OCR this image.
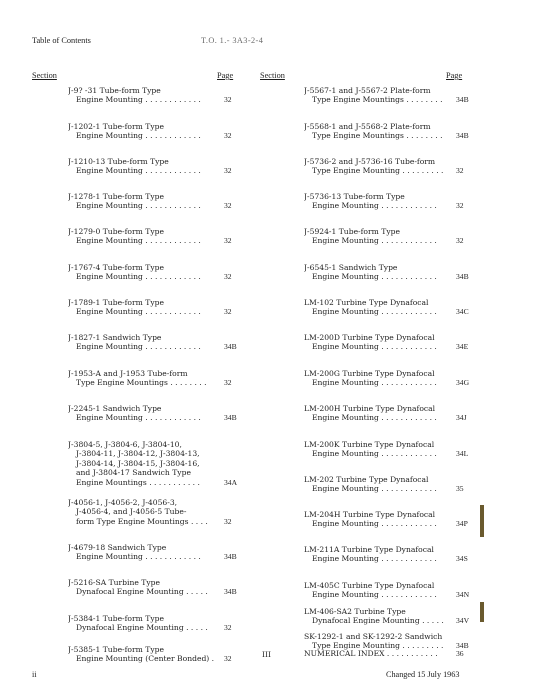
Table of Contents	T.O. 1.- 3A3-2-4
Section	Page	Section	Page
J-9? -31 Tube-form Type
Engine Mounting . . . . . . . . . . . .	32
J-1202-1 Tube-form Type
Engine Mounting . . . . . . . . . . . .	32
J-1210-13 Tube-form Type
Engine Mounting . . . . . . . . . . . .	32
J-1278-1 Tube-form Type
Engine Mounting . . . . . . . . . . . .	32
J-1279-0 Tube-form Type
Engine Mounting . . . . . . . . . . . .	32
J-1767-4 Tube-form Type
Engine Mounting . . . . . . . . . . . .	32
J-1789-1 Tube-form Type
Engine Mounting . . . . . . . . . . . .	32
J-1827-1 Sandwich Type
Engine Mounting . . . . . . . . . . . .	34B
J-1953-A and J-1953 Tube-form
Type Engine Mountings . . . . . . . .	32
J-2245-1 Sandwich Type
Engine Mounting . . . . . . . . . . . .	34B
J-3804-5, J-3804-6, J-3804-10,
J-3804-11, J-3804-12, J-3804-13,
J-3804-14, J-3804-15, J-3804-16,
and J-3804-17 Sandwich Type
Engine Mountings . . . . . . . . . . .	34A
J-4056-1, J-4056-2, J-4056-3,
J-4056-4, and J-4056-5 Tube-
form Type Engine Mountings . . . .	32
J-4679-18 Sandwich Type
Engine Mounting . . . . . . . . . . . .	34B
J-5216-SA Turbine Type
Dynafocal Engine Mounting . . . . .	34B
J-5384-1 Tube-form Type
Dynafocal Engine Mounting . . . . .	32
J-5385-1 Tube-form Type
Engine Mounting (Center Bonded) .	32
J-5567-1 and J-5567-2 Plate-form
Type Engine Mountings . . . . . . . .	34B
J-5568-1 and J-5568-2 Plate-form
Type Engine Mountings . . . . . . . .	34B
J-5736-2 and J-5736-16 Tube-form
Type Engine Mounting . . . . . . . . .	32
J-5736-13 Tube-form Type
Engine Mounting . . . . . . . . . . . .	32
J-5924-1 Tube-form Type
Engine Mounting . . . . . . . . . . . .	32
J-6545-1 Sandwich Type
Engine Mounting . . . . . . . . . . . .	34B
LM-102 Turbine Type Dynafocal
Engine Mounting . . . . . . . . . . . .	34C
LM-200D Turbine Type Dynafocal
Engine Mounting . . . . . . . . . . . .	34E
LM-200G Turbine Type Dynafocal
Engine Mounting . . . . . . . . . . . .	34G
LM-200H Turbine Type Dynafocal
Engine Mounting . . . . . . . . . . . .	34J
LM-200K Turbine Type Dynafocal
Engine Mounting . . . . . . . . . . . .	34L
LM-202 Turbine Type Dynafocal
Engine Mounting . . . . . . . . . . . .	35
LM-204H Turbine Type Dynafocal
Engine Mounting . . . . . . . . . . . .	34P
LM-211A Turbine Type Dynafocal
Engine Mounting . . . . . . . . . . . .	34S
LM-405C Turbine Type Dynafocal
Engine Mounting . . . . . . . . . . . .	34N
LM-406-SA2 Turbine Type
Dynafocal Engine Mounting . . . . .	34V
SK-1292-1 and SK-1292-2 Sandwich
Type Engine Mounting . . . . . . . . .	34B
NUMERICAL INDEX . . . . . . . . . . .	36
III
ii	Changed 15 July 1963
